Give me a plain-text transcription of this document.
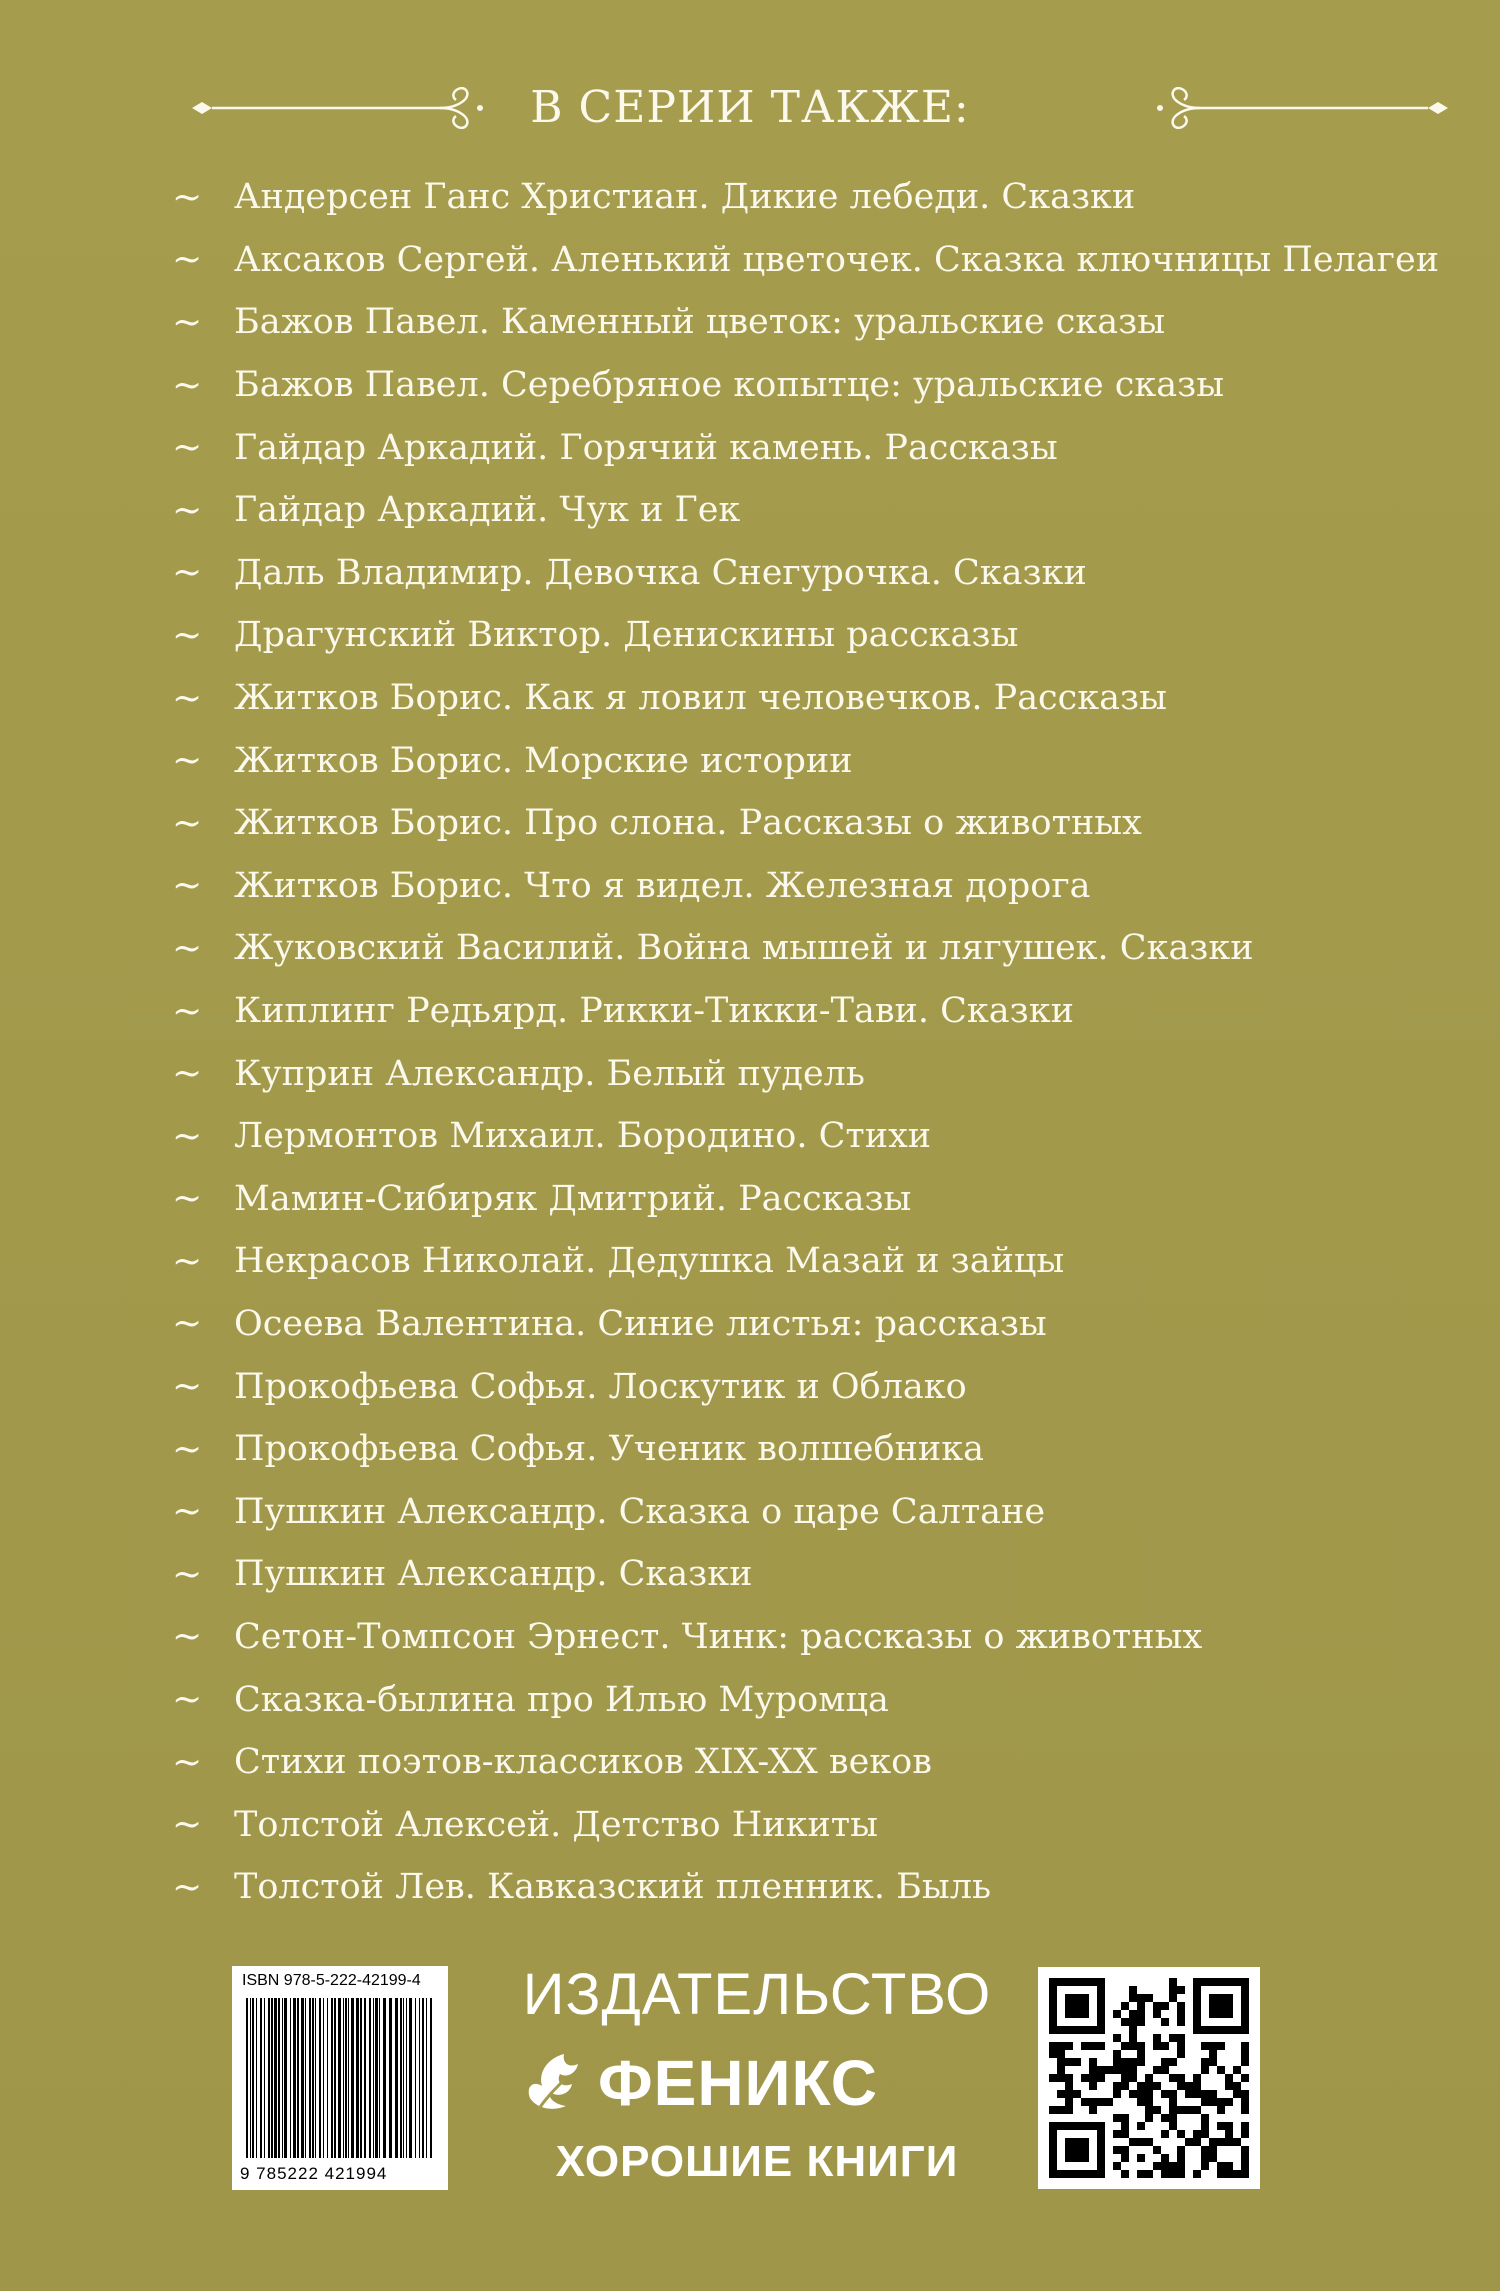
В СЕРИИ ТАКЖЕ:
~ Андерсен Ганс Христиан. Дикие лебеди. Сказки
~ Аксаков Сергей. Аленький цветочек. Сказка ключницы Пелагеи
~ Бажов Павел. Каменный цветок: уральские сказы
~ Бажов Павел. Серебряное копытце: уральские сказы
~ Гайдар Аркадий. Горячий камень. Рассказы
~ Гайдар Аркадий. Чук и Гек
~ Даль Владимир. Девочка Снегурочка. Сказки
~ Драгунский Виктор. Денискины рассказы
~ Житков Борис. Как я ловил человечков. Рассказы
~ Житков Борис. Морские истории
~ Житков Борис. Про слона. Рассказы о животных
~ Житков Борис. Что я видел. Железная дорога
~ Жуковский Василий. Война мышей и лягушек. Сказки
~ Киплинг Редьярд. Рикки-Тикки-Тави. Сказки
~ Куприн Александр. Белый пудель
~ Лермонтов Михаил. Бородино. Стихи
~ Мамин-Сибиряк Дмитрий. Рассказы
~ Некрасов Николай. Дедушка Мазай и зайцы
~ Осеева Валентина. Синие листья: рассказы
~ Прокофьева Софья. Лоскутик и Облако
~ Прокофьева Софья. Ученик волшебника
~ Пушкин Александр. Сказка о царе Салтане
~ Пушкин Александр. Сказки
~ Сетон-Томпсон Эрнест. Чинк: рассказы о животных
~ Сказка-былина про Илью Муромца
~ Стихи поэтов-классиков XIX-XX веков
~ Толстой Алексей. Детство Никиты
~ Толстой Лев. Кавказский пленник. Быль
ISBN 978-5-222-42199-4
9 785222 421994
ИЗДАТЕЛЬСТВО
ФЕНИКС
ХОРОШИЕ КНИГИ
